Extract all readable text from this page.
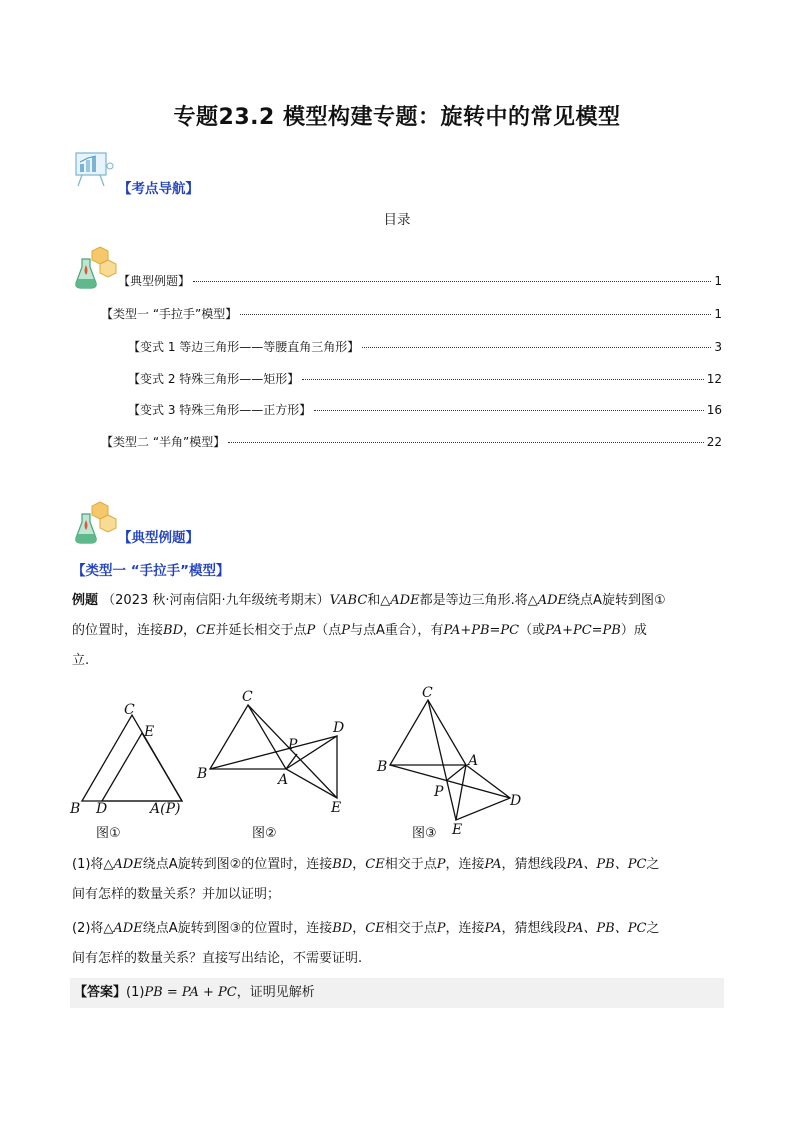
专题23.2 模型构建专题：旋转中的常见模型
【考点导航】
目录
【典型例题】	1
【类型一 “手拉手”模型】	1
【变式 1 等边三角形——等腰直角三角形】	3
【变式 2 特殊三角形——矩形】	12
【变式 3 特殊三角形——正方形】	16
【类型二 “半角”模型】	22
【典型例题】
【类型一 “手拉手”模型】
例题 （2023 秋·河南信阳·九年级统考期末）VABC和△ADE都是等边三角形.将△ADE绕点A旋转到图①
的位置时，连接BD，CE并延长相交于点P（点P与点A重合），有PA+PB=PC（或PA+PC=PB）成
立.
C
E
B D	A(P)
图①
C
D
P
B	A
E
图②
C
B	A
P
D
E
图③
(1)将△ADE绕点A旋转到图②的位置时，连接BD，CE相交于点P，连接PA，猜想线段PA、PB、PC之
间有怎样的数量关系？并加以证明；
(2)将△ADE绕点A旋转到图③的位置时，连接BD，CE相交于点P，连接PA，猜想线段PA、PB、PC之
间有怎样的数量关系？直接写出结论，不需要证明.
【答案】(1)PB = PA + PC，证明见解析
